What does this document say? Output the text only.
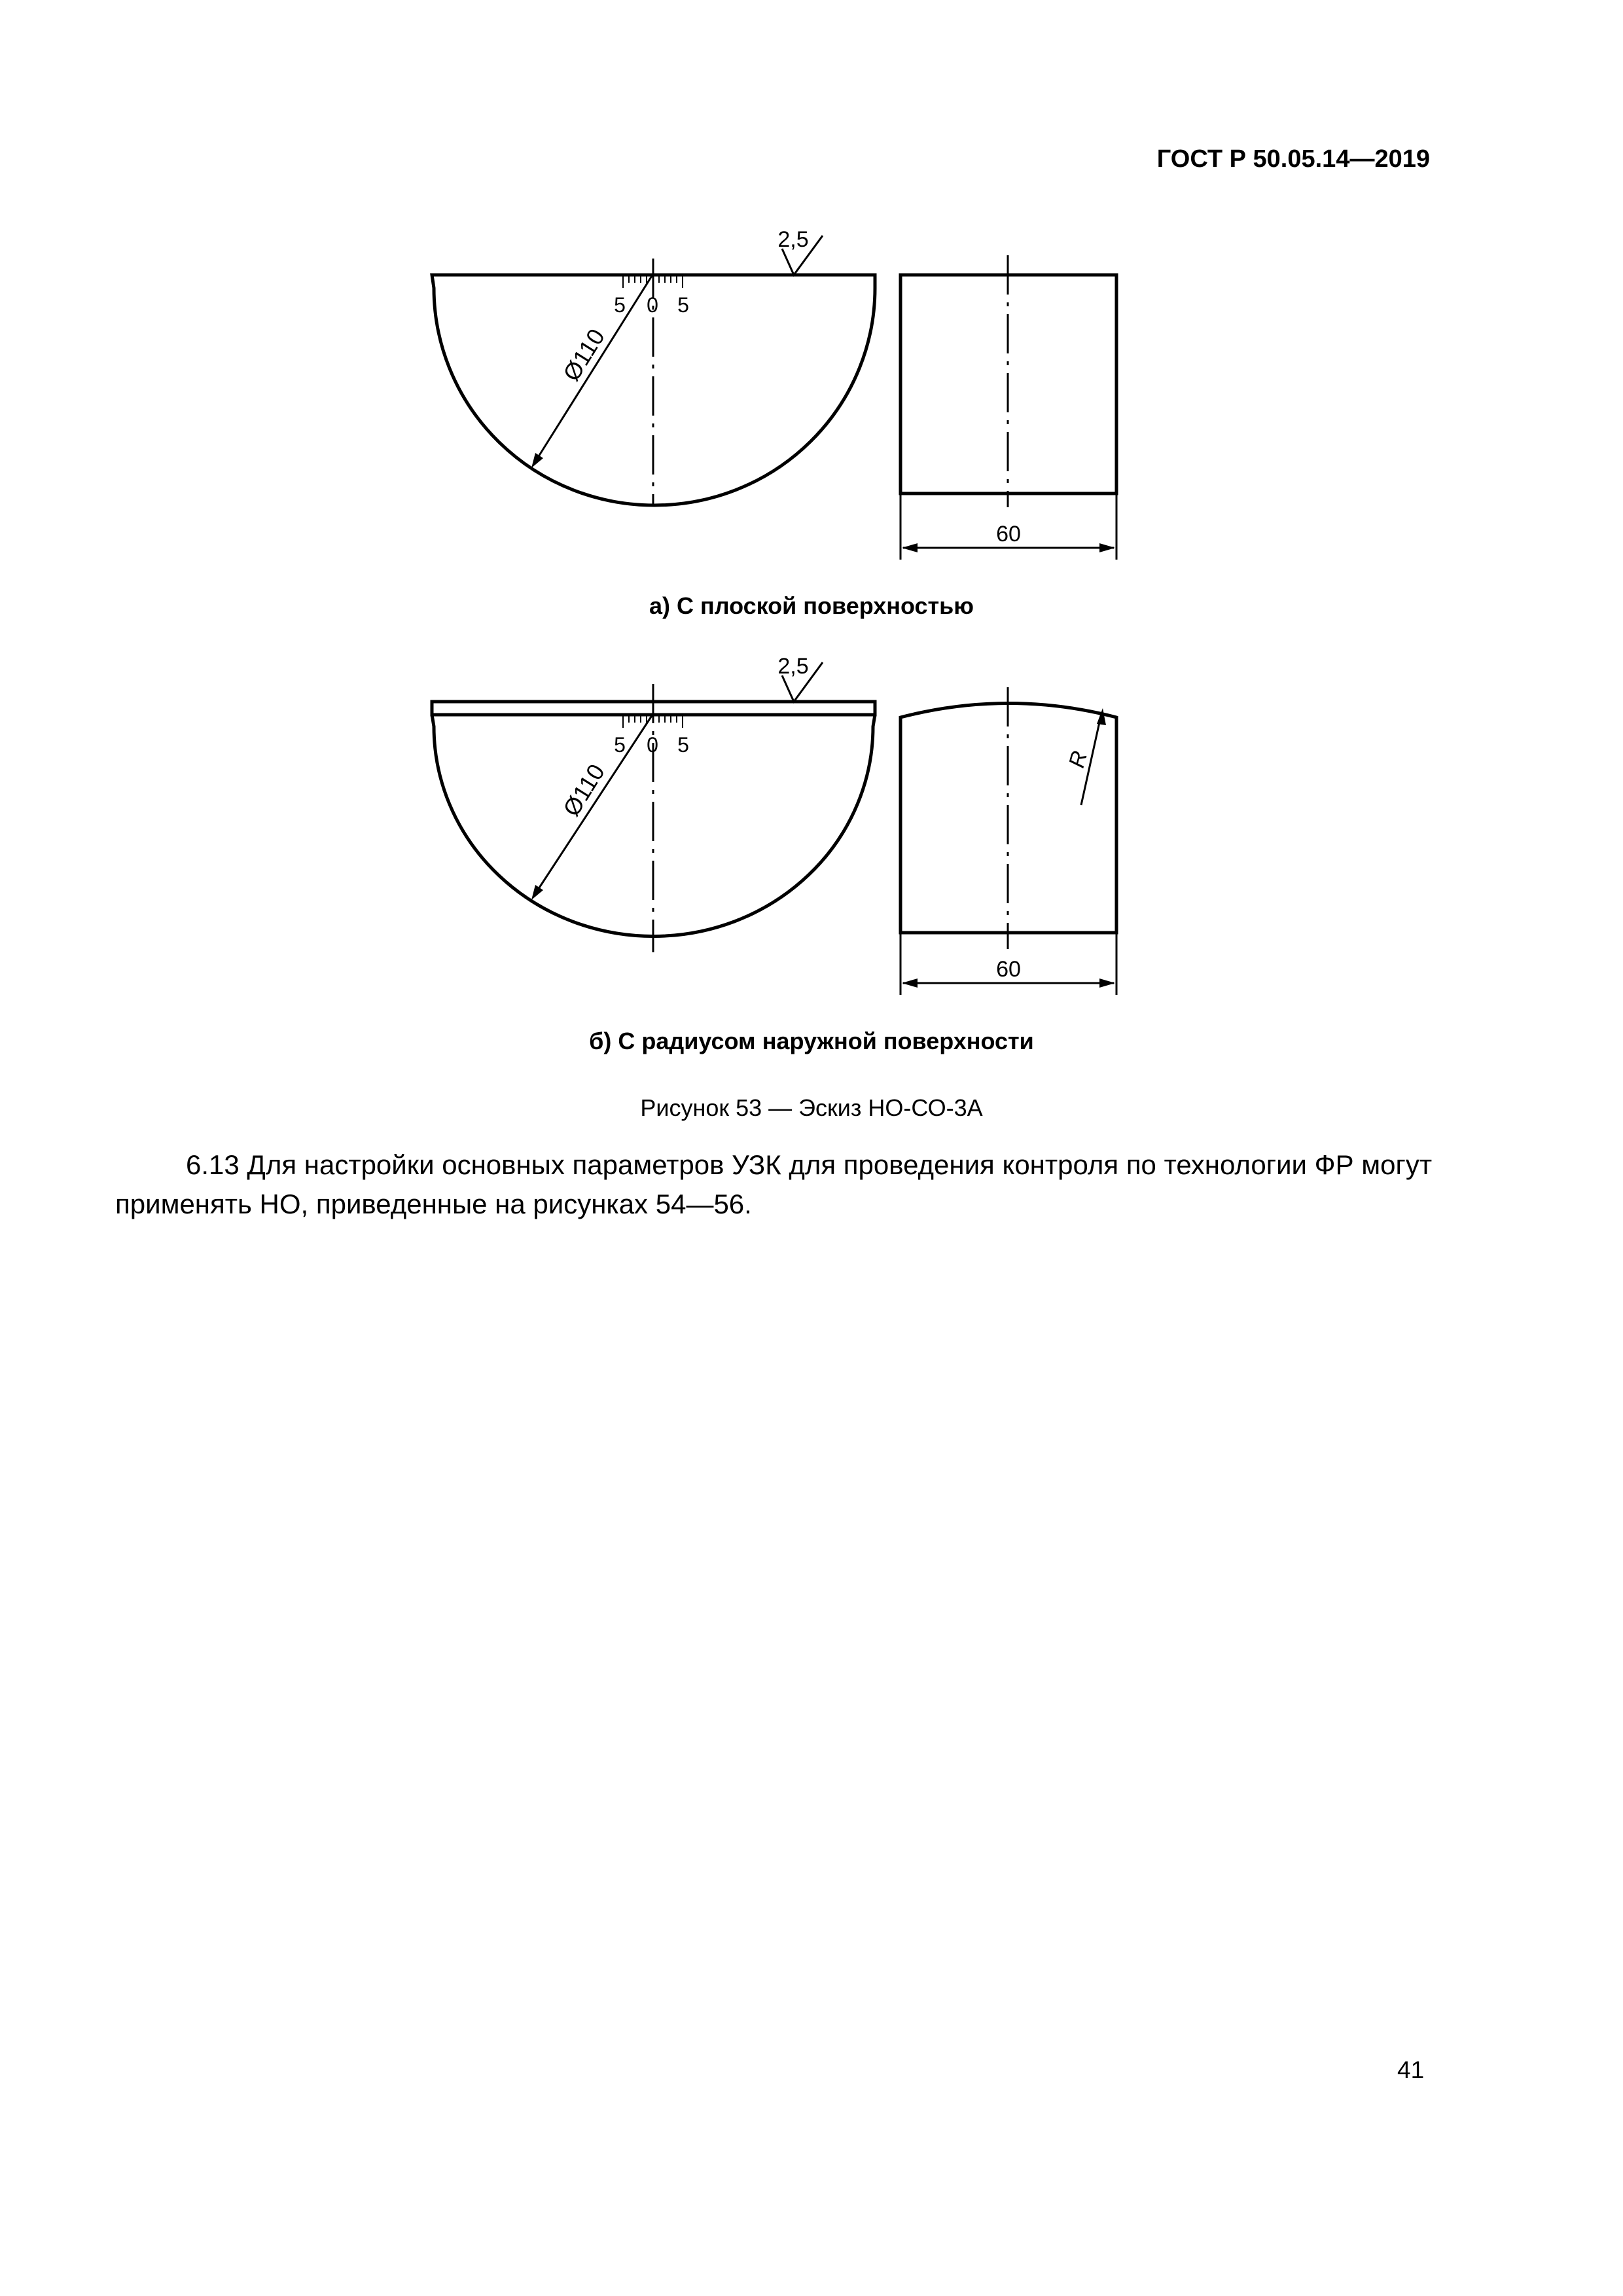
ГОСТ Р 50.05.14—2019
2,5
5 0 5
Ø110
60
а) С плоской поверхностью
2,5
5 0 5
Ø110	R
60
б) С радиусом наружной поверхности
Рисунок 53 — Эскиз НО-СО-3А
6.13 Для настройки основных параметров УЗК для проведения контроля по технологии ФР могут
применять НО, приведенные на рисунках 54—56.
41
